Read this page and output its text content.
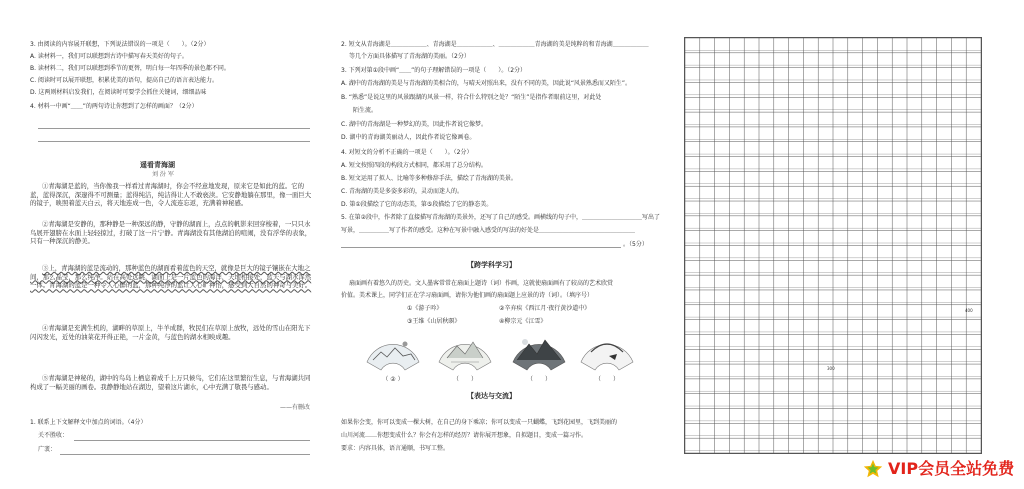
3. 由阅读的内容展开联想，下列说法错误的一项是（　　）。（2分）
A. 读材料一，我们可以联想到古诗中描写春天美好的句子。
B. 读材料二，我们可以联想到季节的更替，明白每一年四季的景色都不同。
C. 阅读时可以展开联想，积累优美的语句，提高自己的语言表达能力。
D. 这两则材料启发我们，在阅读时可要学会抓住关键词，细细品味
4. 材料一中画“＿＿”的两句诗让你想到了怎样的画面？（2分）
遥看青海湖
刘 汾 军
①青海湖是蓝的，当你像我一样看过青海湖时，你会不经意地发现，原来它是如此的蓝。它的蓝，蓝得深沉，深邃得不可测量；蓝得纯洁，纯洁得让人不敢亵渎。它安静地躺在那里，像一面巨大的镜子，映照着蓝天白云，将天地连成一色，令人流连忘返，充满着神秘感。
②青海湖是安静的，那种静是一种深远的静，守静的湖面上，点点的帆影来回穿梭着，一只只水鸟展开翅膀在水面上轻轻掠过，打破了这一片宁静。青海湖没有其他湖泊的喧闹，没有浮华的表象，只有一种深沉的静美。
③上，青海湖的蓝是流动的，那种蓝色的湖面看着蓝色的天空，就像是巨大的镜子镶嵌在大地之间，那么晶莹，那么纯净。站在高处远眺，湖面上是一片蓝色的海洋，天地相接处，蓝天与湖水浑然一体。青海湖的蓝是一种令人心醉的蓝，那种纯净的蓝让人心旷神怡，感受到大自然的神奇与美好。
④青海湖是充满生机的，湖畔的草原上，牛羊成群，牧民们在草原上放牧，远处的雪山在阳光下闪闪发光，近处的油菜花开得正艳，一片金黄，与蓝色的湖水相映成趣。
⑤青海湖是神秘的，湖中的鸟岛上栖息着成千上万只候鸟，它们在这里繁衍生息，与青海湖共同构成了一幅美丽的画卷。我静静地站在湖边，望着这片湖水，心中充满了敬畏与感动。
——有删改
1. 联系上下文解释文中加点的词语。（4分）
关不胜收：
广袤：
2. 短文从青海湖是＿＿＿＿＿＿、青海湖是＿＿＿＿＿＿、＿＿＿＿＿＿青海湖的美是纯粹的和青海湖＿＿＿＿＿＿
等几个方面具体描写了青海湖的美丽。（2分）
3. 下列对第①段中画“＿＿”的句子理解错误的一项是（　　）。（2分）
A. 湖中的青海湖的美是与青海湖的美相合的，与晴天对照出来，没有不同的美，因此说“风景熟悉而又陌生”。
B. “熟悉”是说这里的风景跟湖的风景一样，符合什么特别之处？“陌生”是指作者眼前这里，对此处
　　陌生流。
C. 湖中的青海湖是一种梦幻的美，因此作者说它像梦。
D. 湖中的青海湖美丽动人，因此作者说它像画卷。
4. 对短文的分析不正确的一项是（　　）。（2分）
A. 短文按照四段的构段方式相同，都采用了总分结构。
B. 短文运用了拟人、比喻等多种修辞手法，描绘了青海湖的美景。
C. 青海湖的美是多姿多彩的，灵动而迷人的。
D. 第①段描绘了它的动态美，第⑤段描绘了它的静态美。
5. 在第②段中，作者除了直接描写青海湖的美景外，还写了自己的感受。画横线的句子中，＿＿＿＿＿＿＿＿＿＿写出了
写景，＿＿＿＿＿写了作者的感受。这种在写景中融入感受的写法的好处是＿＿＿＿＿＿＿＿＿＿＿＿＿＿＿＿
。（5分）
【跨学科学习】
扇面画有着悠久的历史。文人墨客常常在扇面上题诗（词）作画，这就使扇面画有了较高的艺术欣赏
价值。美术课上，同学们正在学习扇面画，请你为他们画的扇面题上应景的诗（词）。（填序号）
①《游子吟》	②辛弃疾《西江月·夜行黄沙道中》
③王维《山居秋暝》	④柳宗元《江雪》
（ ② ）	（　　）	（　　）	（　　）
【表达与交流】
如果你会变，你可以变成一棵大树，在自己的身下乘凉；你可以变成一只蝴蝶，飞到花园里，飞到美丽的
山川河流……你想变成什么？你会有怎样的经历？请你展开想象，自拟题目，变成一篇习作。
要求：内容具体，语言通顺，书写工整。
300
400
VIP会员全站免费
